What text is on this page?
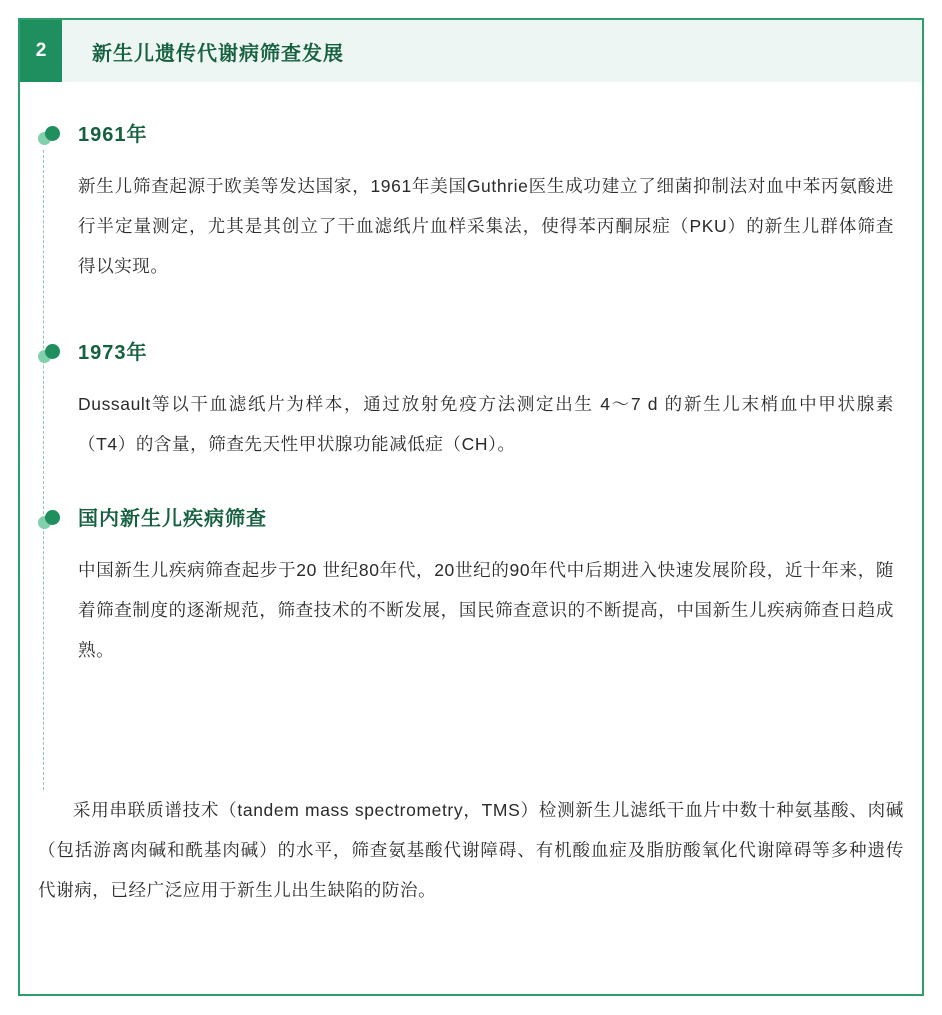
2	新生儿遗传代谢病筛查发展

1961年

新生儿筛查起源于欧美等发达国家，1961年美国Guthrie医生成功建立了细菌抑制法对血中苯丙氨酸进行半定量测定，尤其是其创立了干血滤纸片血样采集法，使得苯丙酮尿症（PKU）的新生儿群体筛查得以实现。

1973年

Dussault等以干血滤纸片为样本，通过放射免疫方法测定出生 4～7 d 的新生儿末梢血中甲状腺素（T4）的含量，筛查先天性甲状腺功能减低症（CH）。

国内新生儿疾病筛查

中国新生儿疾病筛查起步于20 世纪80年代，20世纪的90年代中后期进入快速发展阶段，近十年来，随着筛查制度的逐渐规范，筛查技术的不断发展，国民筛查意识的不断提高，中国新生儿疾病筛查日趋成熟。

采用串联质谱技术（tandem mass spectrometry，TMS）检测新生儿滤纸干血片中数十种氨基酸、肉碱（包括游离肉碱和酰基肉碱）的水平，筛查氨基酸代谢障碍、有机酸血症及脂肪酸氧化代谢障碍等多种遗传代谢病，已经广泛应用于新生儿出生缺陷的防治。
